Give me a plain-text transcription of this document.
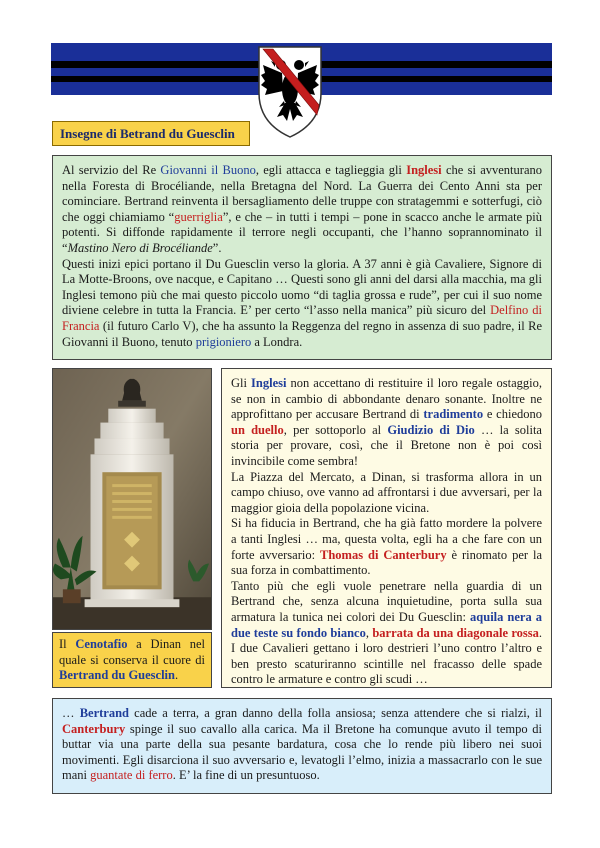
Insegne di Betrand du Guesclin

Al servizio del Re Giovanni il Buono, egli attacca e taglieggia gli Inglesi che si avventurano nella Foresta di Brocéliande, nella Bretagna del Nord. La Guerra dei Cento Anni sta per cominciare. Bertrand reinventa il bersagliamento delle truppe con stratagemmi e sotterfugi, ciò che oggi chiamiamo “guerriglia”, e che – in tutti i tempi – pone in scacco anche le armate più potenti. Si diffonde rapidamente il terrore negli occupanti, che l’hanno soprannominato il “Mastino Nero di Brocéliande”.

Questi inizi epici portano il Du Guesclin verso la gloria. A 37 anni è già Cavaliere, Signore di La Motte-Broons, ove nacque, e Capitano … Questi sono gli anni del darsi alla macchia, ma gli Inglesi temono più che mai questo piccolo uomo “di taglia grossa e rude”, per cui il suo nome diviene celebre in tutta la Francia. E’ per certo “l’asso nella manica” più sicuro del Delfino di Francia (il futuro Carlo V), che ha assunto la Reggenza del regno in assenza di suo padre, il Re Giovanni il Buono, tenuto prigioniero a Londra.

Il Cenotafio a Dinan nel quale si conserva il cuore di Bertrand du Guesclin.

Gli Inglesi non accettano di restituire il loro regale ostaggio, se non in cambio di abbondante denaro sonante. Inoltre ne approfittano per accusare Bertrand di tradimento e chiedono un duello, per sottoporlo al Giudizio di Dio … la solita storia per provare, così, che il Bretone non è poi così invincibile come sembra!

La Piazza del Mercato, a Dinan, si trasforma allora in un campo chiuso, ove vanno ad affrontarsi i due avversari, per la maggior gioia della popolazione vicina.

Si ha fiducia in Bertrand, che ha già fatto mordere la polvere a tanti Inglesi … ma, questa volta, egli ha a che fare con un forte avversario: Thomas di Canterbury è rinomato per la sua forza in combattimento.

Tanto più che egli vuole penetrare nella guardia di un Bertrand che, senza alcuna inquietudine, porta sulla sua armatura la tunica nei colori dei Du Guesclin: aquila nera a due teste su fondo bianco, barrata da una diagonale rossa. I due Cavalieri gettano i loro destrieri l’uno contro l’altro e ben presto scaturiranno scintille nel fracasso delle spade contro le armature e contro gli scudi …

… Bertrand cade a terra, a gran danno della folla ansiosa; senza attendere che si rialzi, il Canterbury spinge il suo cavallo alla carica. Ma il Bretone ha comunque avuto il tempo di buttar via una parte della sua pesante bardatura, cosa che lo rende più libero nei suoi movimenti. Egli disarciona il suo avversario e, levatogli l’elmo, inizia a massacrarlo con le sue mani guantate di ferro. E’ la fine di un presuntuoso.
